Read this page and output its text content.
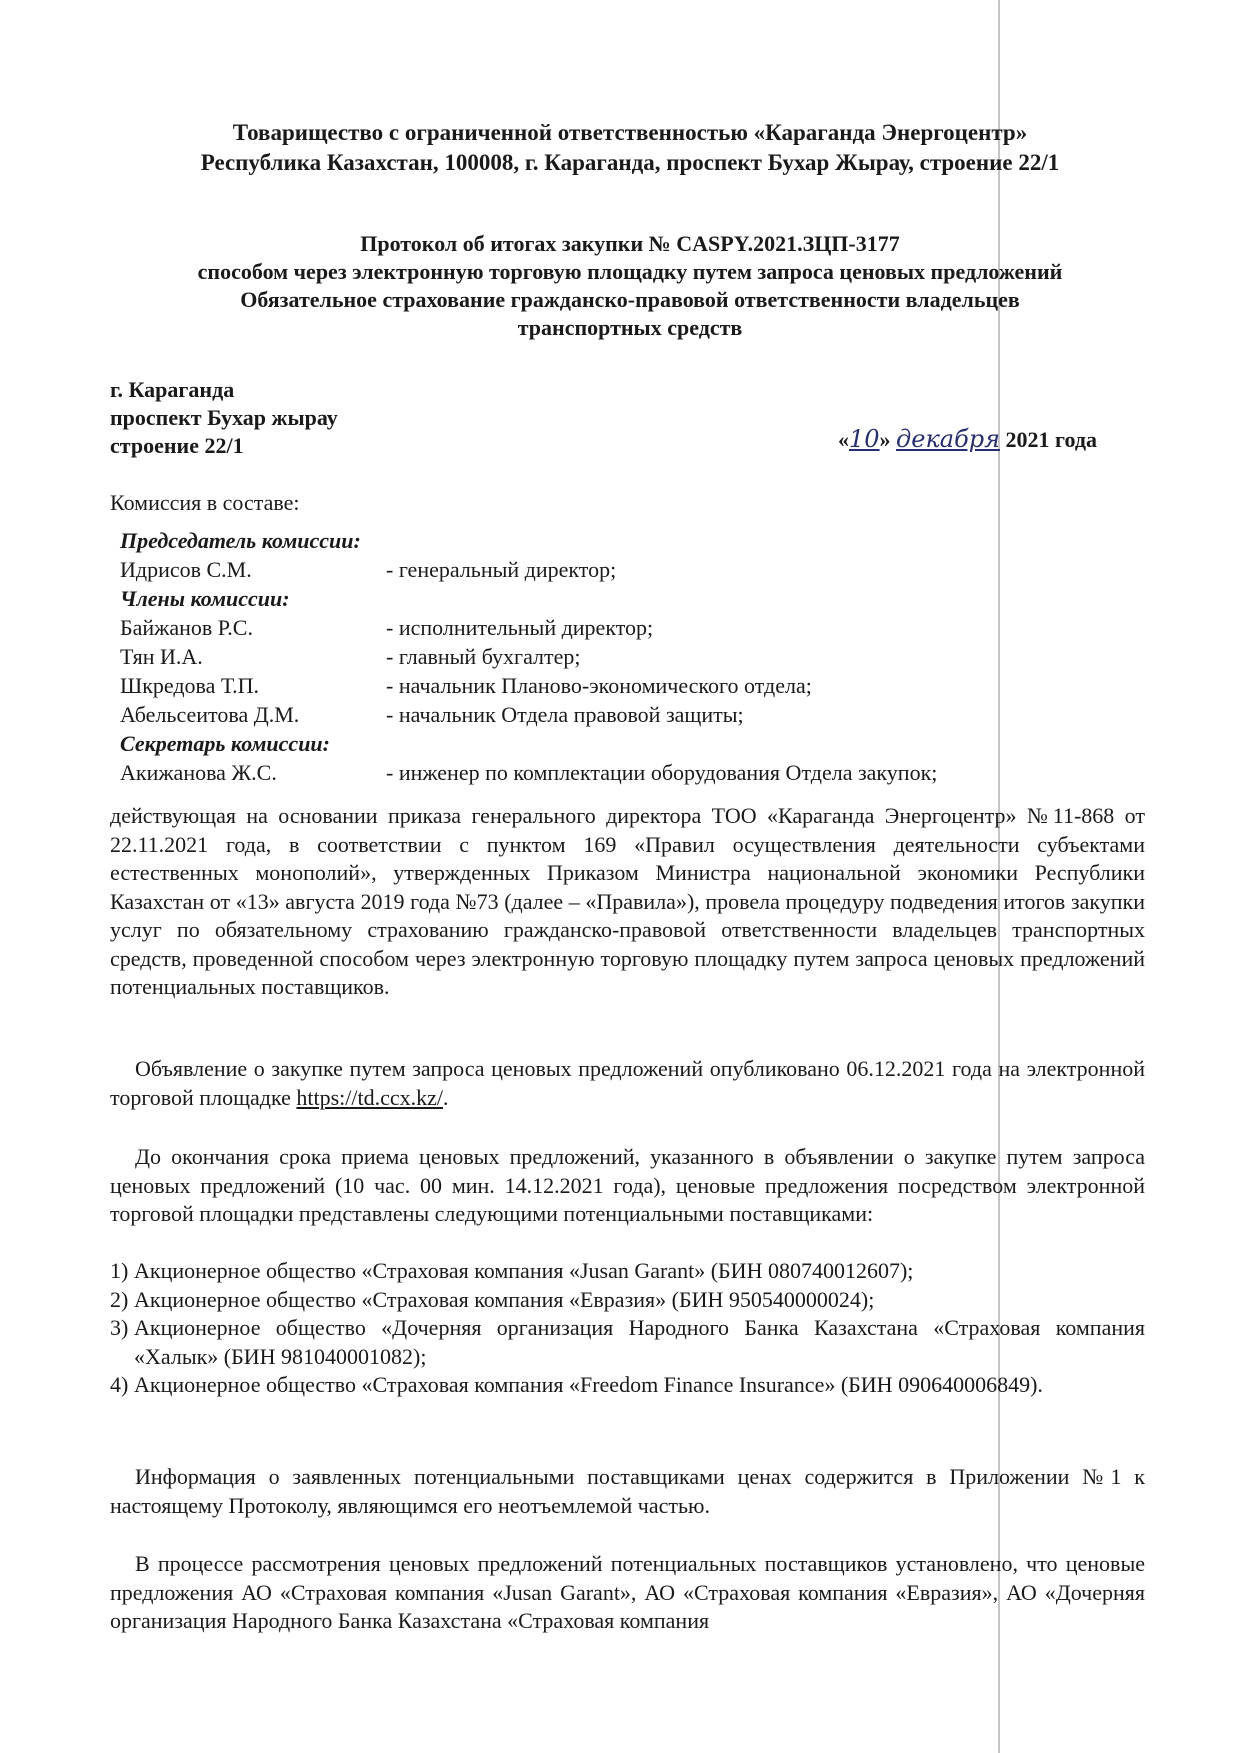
Товарищество с ограниченной ответственностью «Караганда Энергоцентр»
Республика Казахстан, 100008, г. Караганда, проспект Бухар Жырау, строение 22/1
Протокол об итогах закупки № CASPY.2021.ЗЦП-3177
способом через электронную торговую площадку путем запроса ценовых предложений
Обязательное страхование гражданско-правовой ответственности владельцев
транспортных средств
г. Караганда
проспект Бухар жырау
строение 22/1	«10» декабря 2021 года
Комиссия в составе:
Председатель комиссии:
Идрисов С.М.	- генеральный директор;
Члены комиссии:
Байжанов Р.С.	- исполнительный директор;
Тян И.А.	- главный бухгалтер;
Шкредова Т.П.	- начальник Планово-экономического отдела;
Абельсеитова Д.М.	- начальник Отдела правовой защиты;
Секретарь комиссии:
Акижанова Ж.С.	- инженер по комплектации оборудования Отдела закупок;
действующая на основании приказа генерального директора ТОО «Караганда Энергоцентр» №11-868 от 22.11.2021 года, в соответствии с пунктом 169 «Правил осуществления деятельности субъектами естественных монополий», утвержденных Приказом Министра национальной экономики Республики Казахстан от «13» августа 2019 года №73 (далее – «Правила»), провела процедуру подведения итогов закупки услуг по обязательному страхованию гражданско-правовой ответственности владельцев транспортных средств, проведенной способом через электронную торговую площадку путем запроса ценовых предложений потенциальных поставщиков.
Объявление о закупке путем запроса ценовых предложений опубликовано 06.12.2021 года на электронной торговой площадке https://td.ccx.kz/.
До окончания срока приема ценовых предложений, указанного в объявлении о закупке путем запроса ценовых предложений (10 час. 00 мин. 14.12.2021 года), ценовые предложения посредством электронной торговой площадки представлены следующими потенциальными поставщиками:
1) Акционерное общество «Страховая компания «Jusan Garant» (БИН 080740012607);
2) Акционерное общество «Страховая компания «Евразия» (БИН 950540000024);
3) Акционерное общество «Дочерняя организация Народного Банка Казахстана «Страховая компания «Халык» (БИН 981040001082);
4) Акционерное общество «Страховая компания «Freedom Finance Insurance» (БИН 090640006849).
Информация о заявленных потенциальными поставщиками ценах содержится в Приложении №1 к настоящему Протоколу, являющимся его неотъемлемой частью.
В процессе рассмотрения ценовых предложений потенциальных поставщиков установлено, что ценовые предложения АО «Страховая компания «Jusan Garant», АО «Страховая компания «Евразия», АО «Дочерняя организация Народного Банка Казахстана «Страховая компания
